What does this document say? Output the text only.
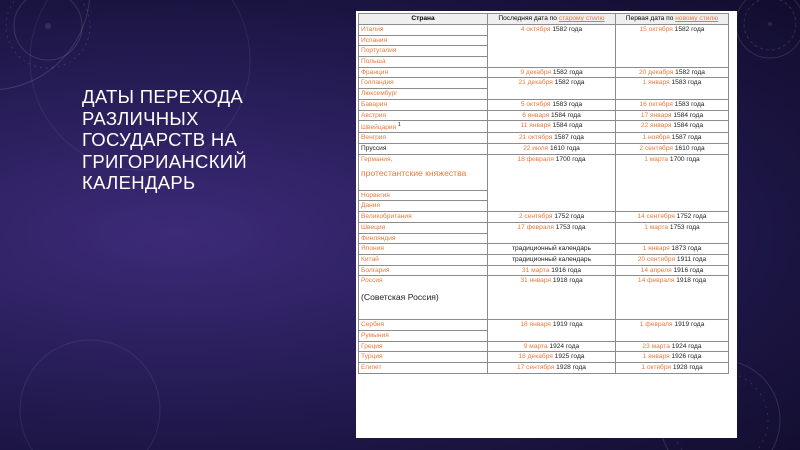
ДАТЫ ПЕРЕХОДА
РАЗЛИЧНЫХ
ГОСУДАРСТВ НА
ГРИГОРИАНСКИЙ
КАЛЕНДАРЬ
Страна	Последняя дата по старому стилю	Первая дата по новому стилю
Италия	4 октября 1582 года	15 октября 1582 года
Испания		
Португалия		
Польша		
Франция	9 декабря 1582 года	20 декабря 1582 года
Голландия	21 декабря 1582 года	1 января 1583 года
Люксембург		
Бавария	5 октября 1583 года	16 октября 1583 года
Австрия	6 января 1584 года	17 января 1584 года
Швейцария $^1$	11 января 1584 года	22 января 1584 года
Венгрия	21 октября 1587 года	1 ноября 1587 года
Пруссия	22 июля 1610 года	2 сентября 1610 года
Германия,
протестантские княжества	18 февраля 1700 года	1 марта 1700 года
Норвегия		
Дания		
Великобритания	2 сентября 1752 года	14 сентября 1752 года
Швеция	17 февраля 1753 года	1 марта 1753 года
Финляндия		
Япония	традиционный календарь	1 января 1873 года
Китай	традиционный календарь	20 сентября 1911 года
Болгария	31 марта 1916 года	14 апреля 1916 года
Россия
(Советская Россия)	31 января 1918 года	14 февраля 1918 года
Сербия	18 января 1919 года	1 февраля 1919 года
Румыния		
Греция	9 марта 1924 года	23 марта 1924 года
Турция	18 декабря 1925 года	1 января 1926 года
Египет	17 сентября 1928 года	1 октября 1928 года
